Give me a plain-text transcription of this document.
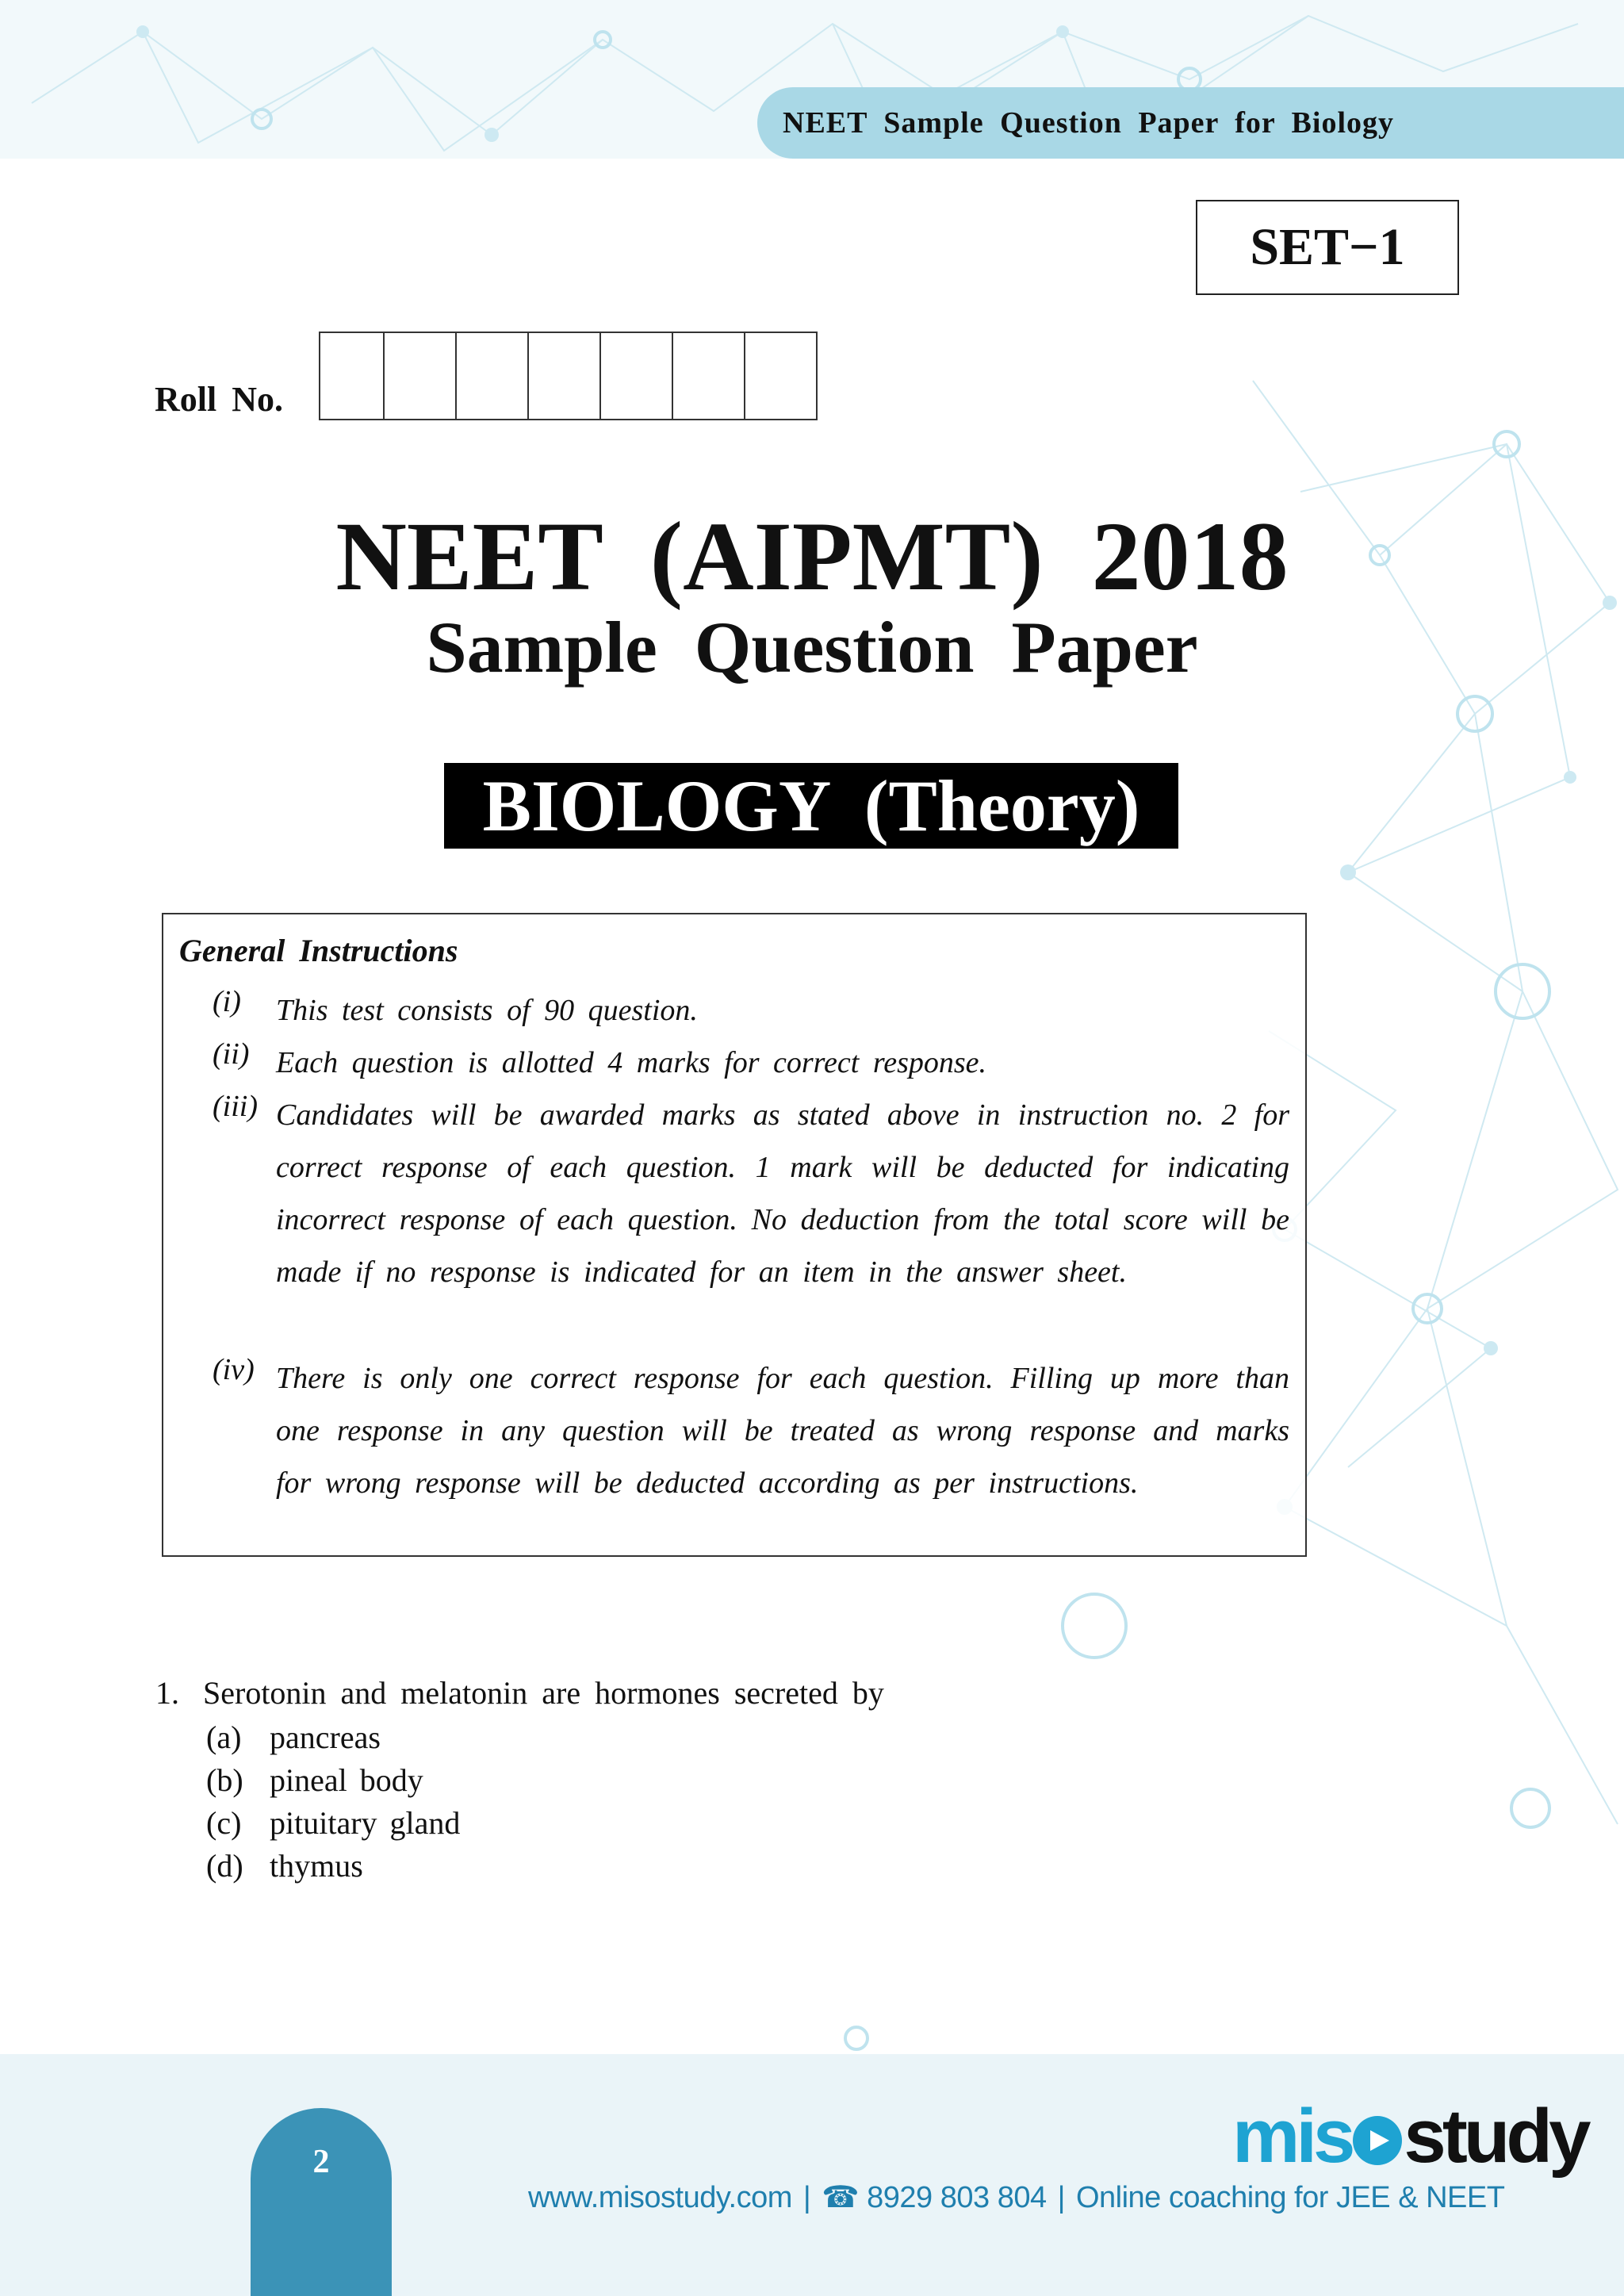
NEET Sample Question Paper for Biology
SET−1
Roll No.
NEET (AIPMT) 2018
Sample Question Paper
BIOLOGY (Theory)
General Instructions
(i) This test consists of 90 question.
(ii) Each question is allotted 4 marks for correct response.
(iii) Candidates will be awarded marks as stated above in instruction no. 2 for correct response of each question. 1 mark will be deducted for indicating incorrect response of each question. No deduction from the total score will be made if no response is indicated for an item in the answer sheet.
(iv) There is only one correct response for each question. Filling up more than one response in any question will be treated as wrong response and marks for wrong response will be deducted according as per instructions.
1. Serotonin and melatonin are hormones secreted by
(a) pancreas
(b) pineal body
(c) pituitary gland
(d) thymus
2	mis study
www.misostudy.com | ☎ 8929 803 804 | Online coaching for JEE & NEET
